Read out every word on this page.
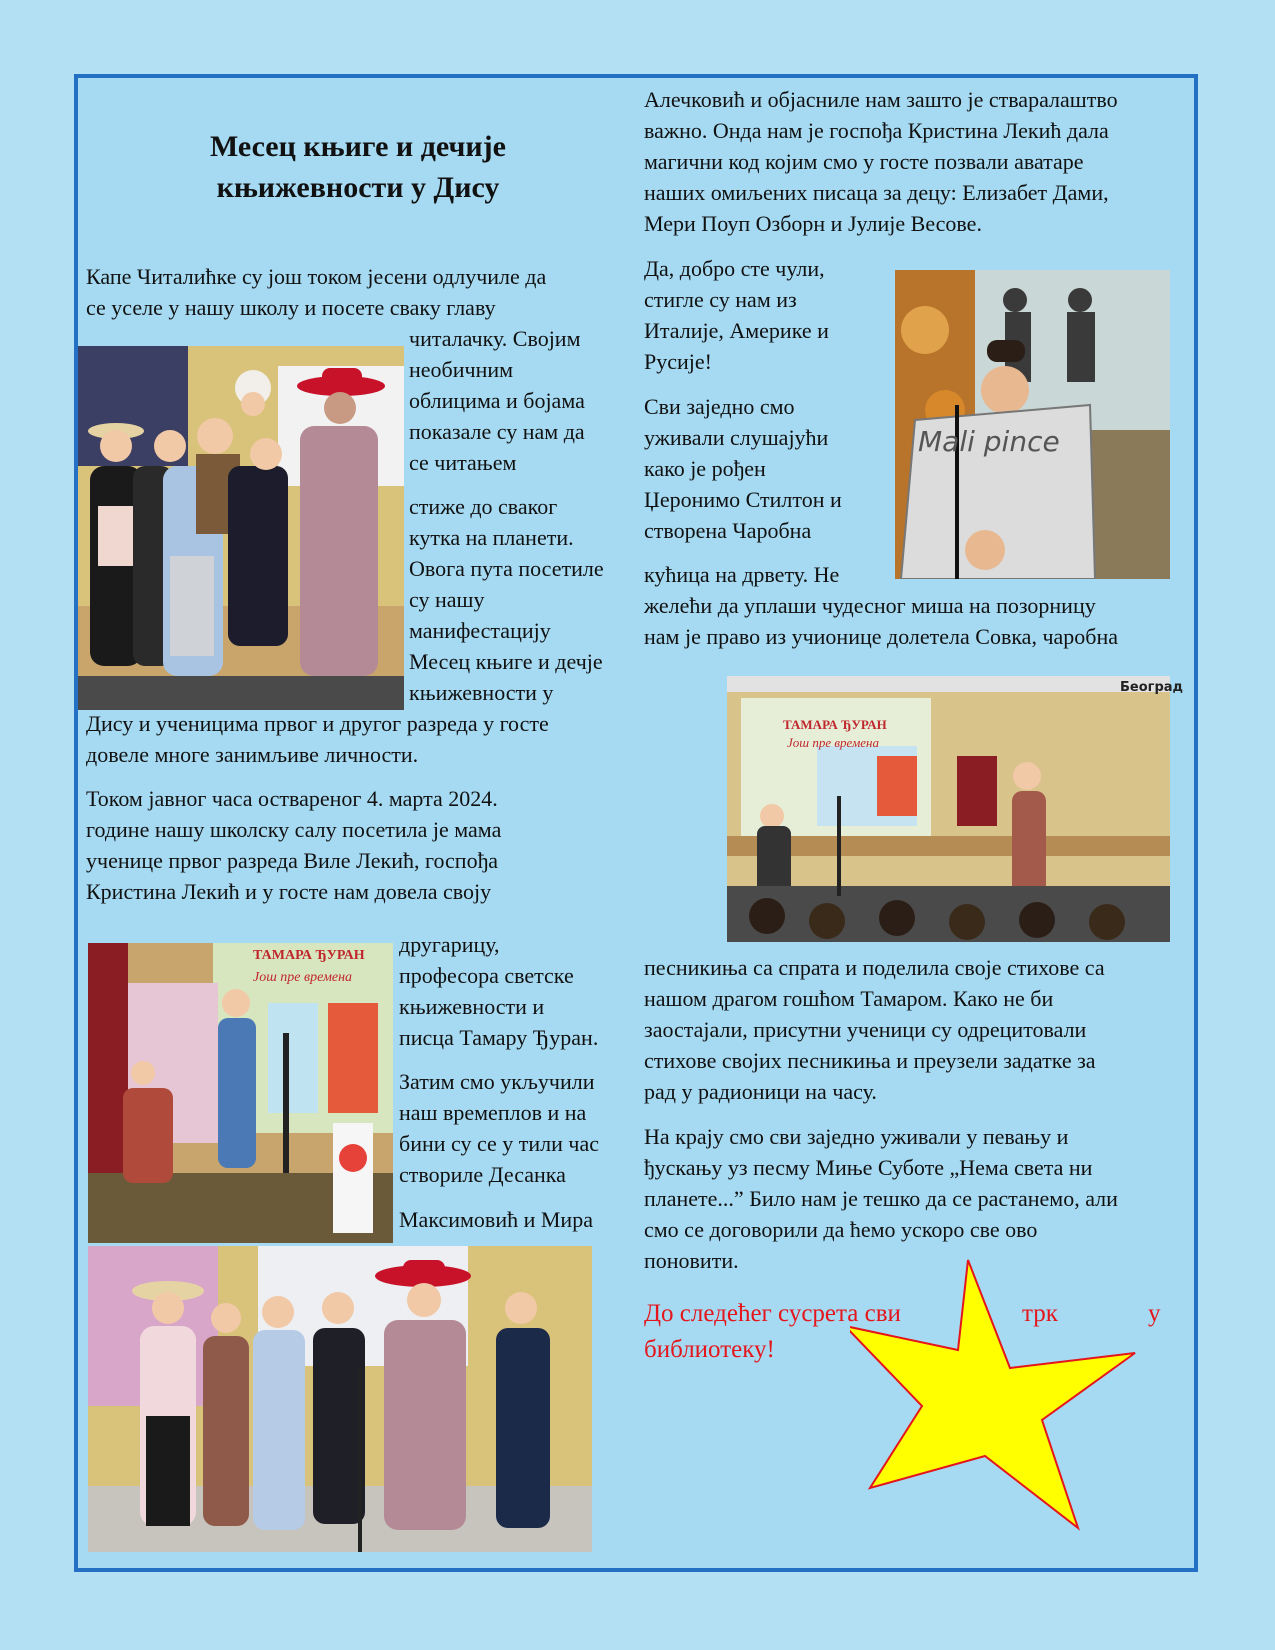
Месец књиге и дечије
књижевности у Дису

Капе Читалићке су још током јесени одлучиле да

се уселе у нашу школу и посете сваку главу

читалачку. Својим

необичним

облицима и бојама

показале су нам да

се читањем

стиже до сваког

кутка на планети.

Овога пута посетиле

су нашу

манифестацију

Месец књиге и дечје

књижевности у

Дису и ученицима првог и другог разреда у госте

довеле многе занимљиве личности.

Током јавног часа оствареног 4. марта 2024.

године нашу школску салу посетила је мама

ученице првог разреда Виле Лекић, госпођа

Кристина Лекић и у госте нам довела своју

другарицу,

професора светске

књижевности и

писца Тамару Ђуран.

Затим смо укључили

наш времеплов и на

бини су се у тили час

створиле Десанка

Максимовић и Мира

Алечковић и објасниле нам зашто је стваралаштво

важно. Онда нам је госпођа Кристина Лекић дала

магични код којим смо у госте позвали аватаре

наших омиљених писаца за децу: Елизабет Дами,

Мери Поуп Озборн и Јулије Весове.

Да, добро сте чули,

стигле су нам из

Италије, Америке и

Русије!

Сви заједно смо

уживали слушајући

како је рођен

Џеронимо Стилтон и

створена Чаробна

кућица на дрвету. Не

желећи да уплаши чудесног миша на позорницу

нам је право из учионице долетела Совка, чаробна

песникиња са спрата и поделила своје стихове са

нашом драгом гошћом Тамаром. Како не би

заостајали, присутни ученици су одрецитовали

стихове својих песникиња и преузели задатке за

рад у радионици на часу.

На крају смо сви заједно уживали у певању и

ђускању уз песму Миње Суботе „Нема света ни

планете...” Било нам је тешко да се растанемо, али

смо се договорили да ћемо ускоро све ово

поновити.

До следећег сусрета сви	трк	у

библиотеку!

ТАМАРА ЂУРАН

Још пре времена

Mali pince

ТАМАРА ЂУРАН

Још пре времена

Београд
